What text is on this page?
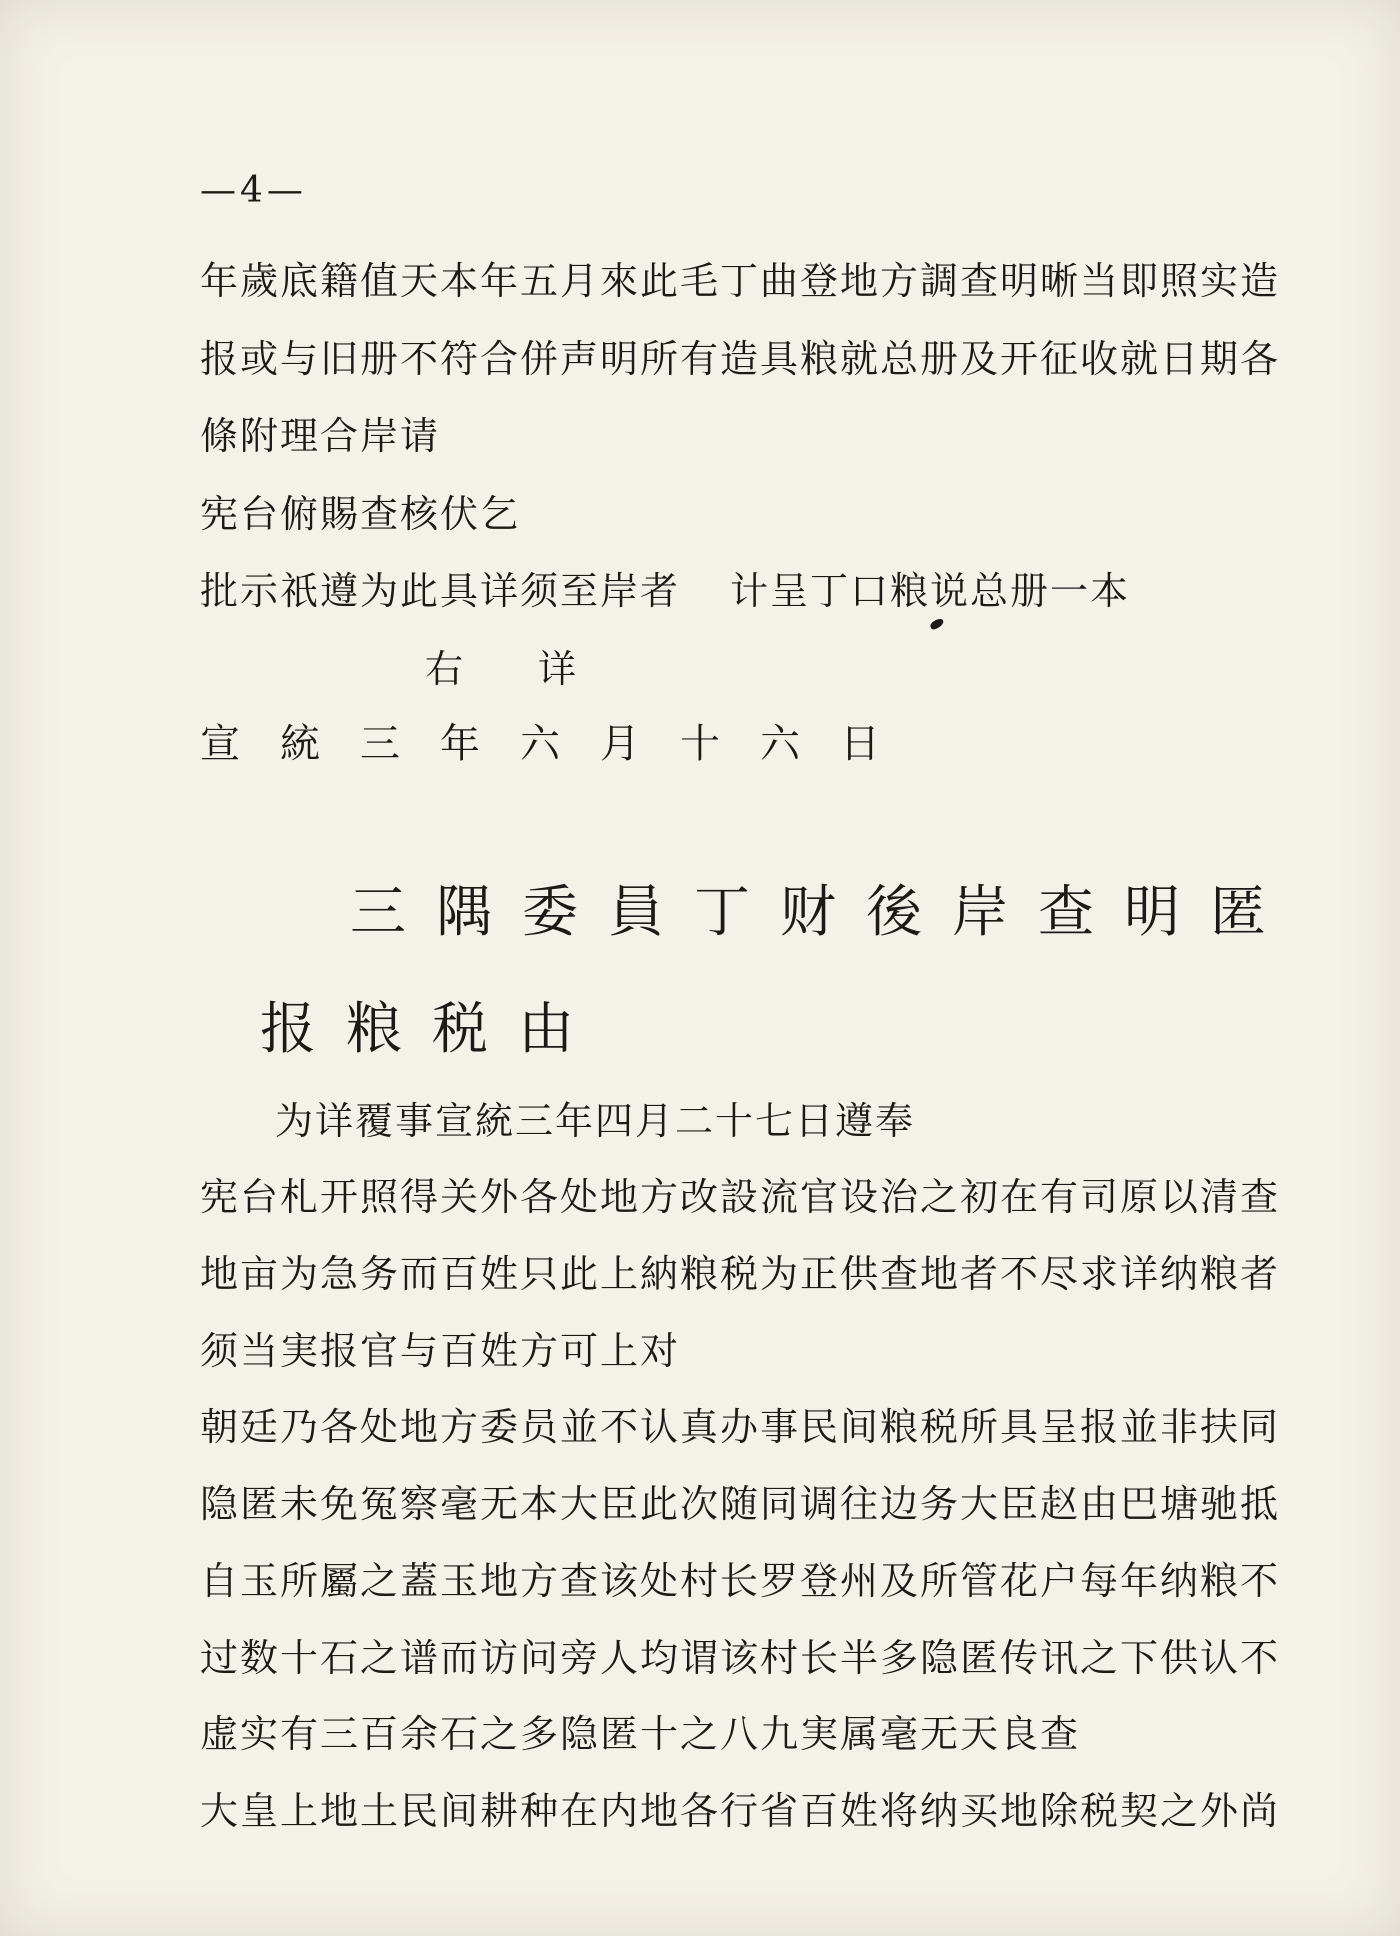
—4—
年歲底籍值天本年五月來此毛丁曲登地方調查明晰当即照实造
报或与旧册不符合併声明所有造具粮就总册及开征收就日期各
條附理合岸请
宪台俯賜查核伏乞
批示祇遵为此具详须至岸者 计呈丁口粮说总册一本
右 详
宣統三年六月十六日
三隅委員丁财後岸查明匿
报粮税由
为详覆事宣統三年四月二十七日遵奉
宪台札开照得关外各处地方改設流官设治之初在有司原以清查
地亩为急务而百姓只此上納粮税为正供查地者不尽求详纳粮者
须当実报官与百姓方可上对
朝廷乃各处地方委员並不认真办事民间粮税所具呈报並非扶同
隐匿未免冤察毫无本大臣此次随同调往边务大臣赵由巴塘驰抵
自玉所屬之蓋玉地方查该处村长罗登州及所管花户每年纳粮不
过数十石之谱而访问旁人均谓该村长半多隐匿传讯之下供认不
虚实有三百余石之多隐匿十之八九実属毫无天良查
大皇上地土民间耕种在内地各行省百姓将纳买地除税契之外尚
